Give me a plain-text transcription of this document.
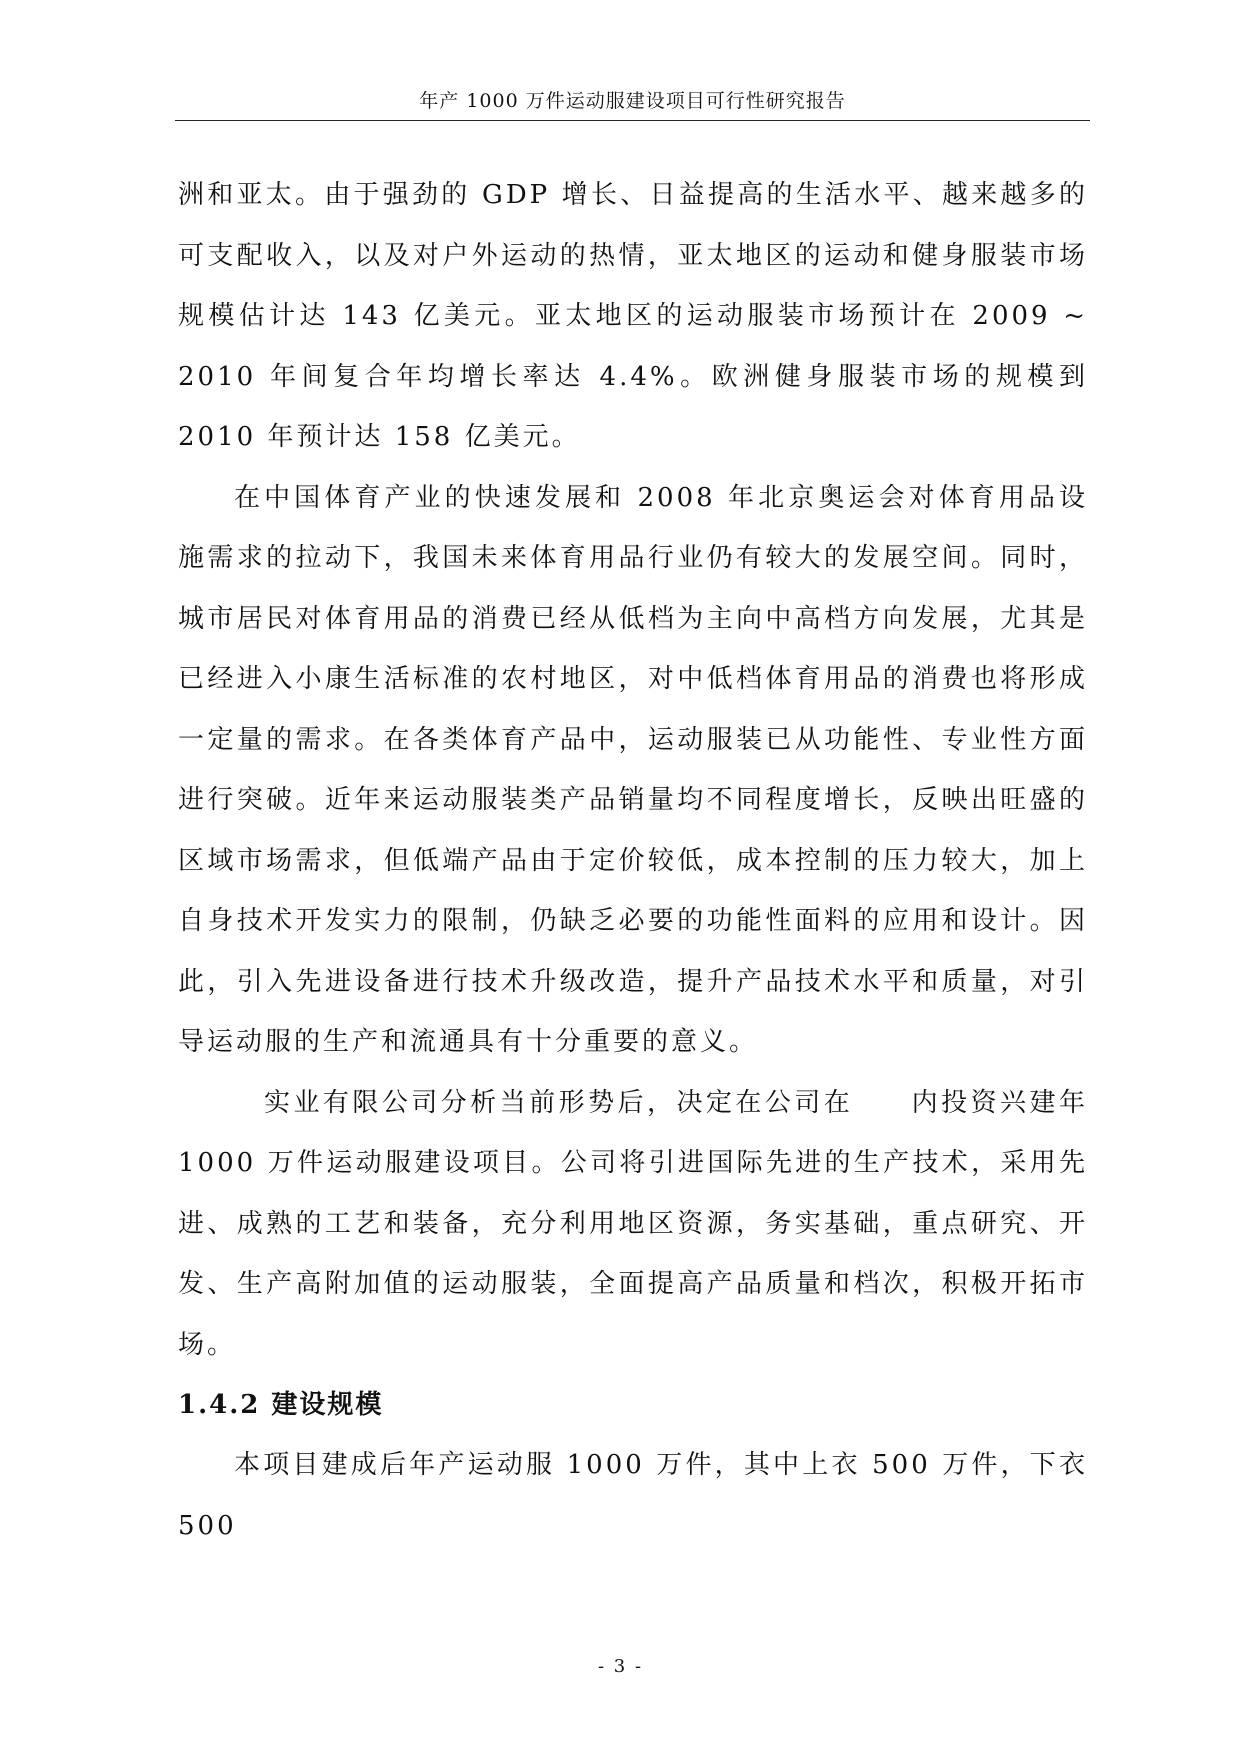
年产 1000 万件运动服建设项目可行性研究报告

洲和亚太。由于强劲的 GDP 增长、日益提高的生活水平、越来越多的可支配收入，以及对户外运动的热情，亚太地区的运动和健身服装市场规模估计达 143 亿美元。亚太地区的运动服装市场预计在 2009 ~ 2010 年间复合年均增长率达 4.4%。欧洲健身服装市场的规模到 2010 年预计达 158 亿美元。

在中国体育产业的快速发展和 2008 年北京奥运会对体育用品设施需求的拉动下，我国未来体育用品行业仍有较大的发展空间。同时，城市居民对体育用品的消费已经从低档为主向中高档方向发展，尤其是已经进入小康生活标准的农村地区，对中低档体育用品的消费也将形成一定量的需求。在各类体育产品中，运动服装已从功能性、专业性方面进行突破。近年来运动服装类产品销量均不同程度增长，反映出旺盛的区域市场需求，但低端产品由于定价较低，成本控制的压力较大，加上自身技术开发实力的限制，仍缺乏必要的功能性面料的应用和设计。因此，引入先进设备进行技术升级改造，提升产品技术水平和质量，对引导运动服的生产和流通具有十分重要的意义。

实业有限公司分析当前形势后，决定在公司在 内投资兴建年 1000 万件运动服建设项目。公司将引进国际先进的生产技术，采用先进、成熟的工艺和装备，充分利用地区资源，务实基础，重点研究、开发、生产高附加值的运动服装，全面提高产品质量和档次，积极开拓市场。

1.4.2 建设规模

本项目建成后年产运动服 1000 万件，其中上衣 500 万件，下衣 500

- 3 -
